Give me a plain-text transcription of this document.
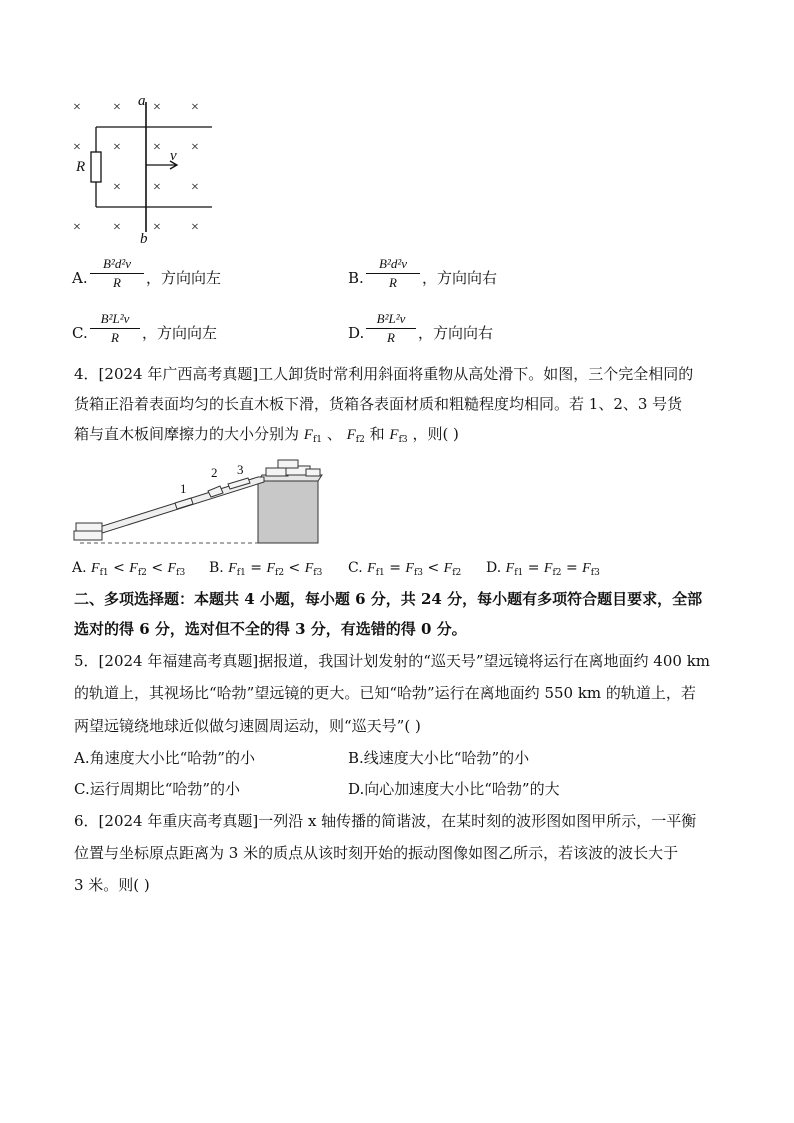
× × × ×
× × ×
×
× × ×
× × × ×
a
b
R
v
A.
B²d²v
R	，方向向左	B.
B²d²v
R	，方向向右
C.
B²L²v
R	，方向向左	D.
B²L²v
R	，方向向右
4．[2024 年广西高考真题]工人卸货时常利用斜面将重物从高处滑下。如图，三个完全相同的
货箱正沿着表面均匀的长直木板下滑，货箱各表面材质和粗糙程度均相同。若 1、2、3 号货
箱与直木板间摩擦力的大小分别为 $F_{f1}$ 、 $F_{f2}$ 和 $F_{f3}$ ，则( )
1
2 3
A. $F_{f1} < F_{f2} < F_{f3}$ B. $F_{f1} = F_{f2} < F_{f3}$ C. $F_{f1} = F_{f3} < F_{f2}$ D. $F_{f1} = F_{f2} = F_{f3}$
二、多项选择题：本题共 4 小题，每小题 6 分，共 24 分，每小题有多项符合题目要求，全部
选对的得 6 分，选对但不全的得 3 分，有选错的得 0 分。
5．[2024 年福建高考真题]据报道，我国计划发射的“巡天号”望远镜将运行在离地面约 400 km
的轨道上，其视场比“哈勃”望远镜的更大。已知“哈勃”运行在离地面约 550 km 的轨道上，若
两望远镜绕地球近似做匀速圆周运动，则“巡天号”( )
A.角速度大小比“哈勃”的小	B.线速度大小比“哈勃”的小
C.运行周期比“哈勃”的小	D.向心加速度大小比“哈勃”的大
6．[2024 年重庆高考真题]一列沿 x 轴传播的简谐波，在某时刻的波形图如图甲所示，一平衡
位置与坐标原点距离为 3 米的质点从该时刻开始的振动图像如图乙所示，若该波的波长大于
3 米。则( )
